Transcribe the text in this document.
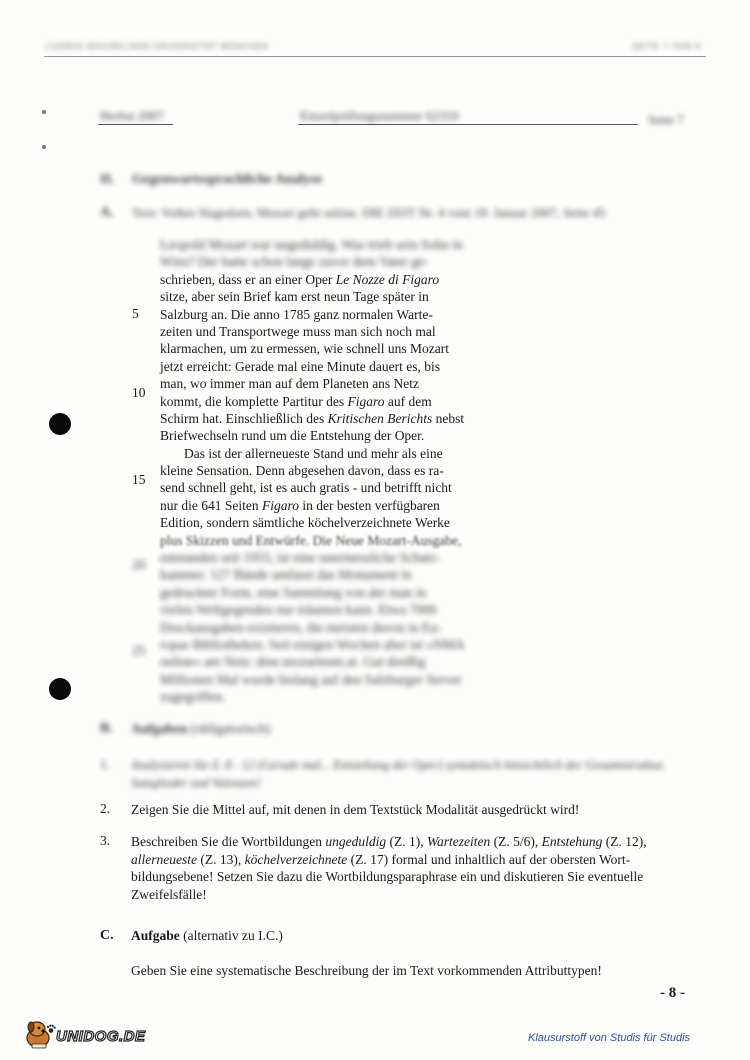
LUDWIG-MAXIMILIANS-UNIVERSITÄT MÜNCHEN	SEITE 7 VON 9
Herbst 2007	Einzelprüfungsnummer 62310	Seite 7
II. Gegenwartssprachliche Analyse
A. Text: Volker Hagedorn, Mozart geht online, DIE ZEIT Nr. 4 vom 18. Januar 2007, Seite 45
Leopold Mozart war ungeduldig. Was trieb sein Sohn in
Wien? Der hatte schon lange zuvor dem Vater ge-
schrieben, dass er an einer Oper Le Nozze di Figaro
sitze, aber sein Brief kam erst neun Tage später in
Salzburg an. Die anno 1785 ganz normalen Warte-
zeiten und Transportwege muss man sich noch mal
klarmachen, um zu ermessen, wie schnell uns Mozart
jetzt erreicht: Gerade mal eine Minute dauert es, bis
man, wo immer man auf dem Planeten ans Netz
kommt, die komplette Partitur des Figaro auf dem
Schirm hat. Einschließlich des Kritischen Berichts nebst
Briefwechseln rund um die Entstehung der Oper.
Das ist der allerneueste Stand und mehr als eine
kleine Sensation. Denn abgesehen davon, dass es ra-
send schnell geht, ist es auch gratis - und betrifft nicht
nur die 641 Seiten Figaro in der besten verfügbaren
Edition, sondern sämtliche köchelverzeichnete Werke
plus Skizzen und Entwürfe. Die Neue Mozart-Ausgabe,
entstanden seit 1955, ist eine unermessliche Schatz-
kammer. 127 Bände umfasst das Monument in
gedruckter Form, eine Sammlung von der man in
vielen Weltgegenden nur träumen kann. Etwa 7000
Druckausgaben existieren, die meisten davon in Eu-
ropas Bibliotheken. Seit einigen Wochen aber ist »NMA
online« am Netz: dme.mozarteum.at. Gut dreißig
Millionen Mal wurde bislang auf den Salzburger Server
zugegriffen.
5
10
15
20
25
B. Aufgaben (obligatorisch)
1. Analysieren Sie Z. 8 - 12 (Gerade mal... Entstehung der Oper) syntaktisch hinsichtlich der Gesamtstruktur, Satzglieder und Valenzen!
2. Zeigen Sie die Mittel auf, mit denen in dem Textstück Modalität ausgedrückt wird!
3. Beschreiben Sie die Wortbildungen ungeduldig (Z. 1), Wartezeiten (Z. 5/6), Entstehung (Z. 12),
allerneueste (Z. 13), köchelverzeichnete (Z. 17) formal und inhaltlich auf der obersten Wort-
bildungsebene! Setzen Sie dazu die Wortbildungsparaphrase ein und diskutieren Sie eventuelle
Zweifelsfälle!
C. Aufgabe (alternativ zu I.C.)
Geben Sie eine systematische Beschreibung der im Text vorkommenden Attributtypen!
- 8 -
UNIDOG.DE	Klausurstoff von Studis für Studis
